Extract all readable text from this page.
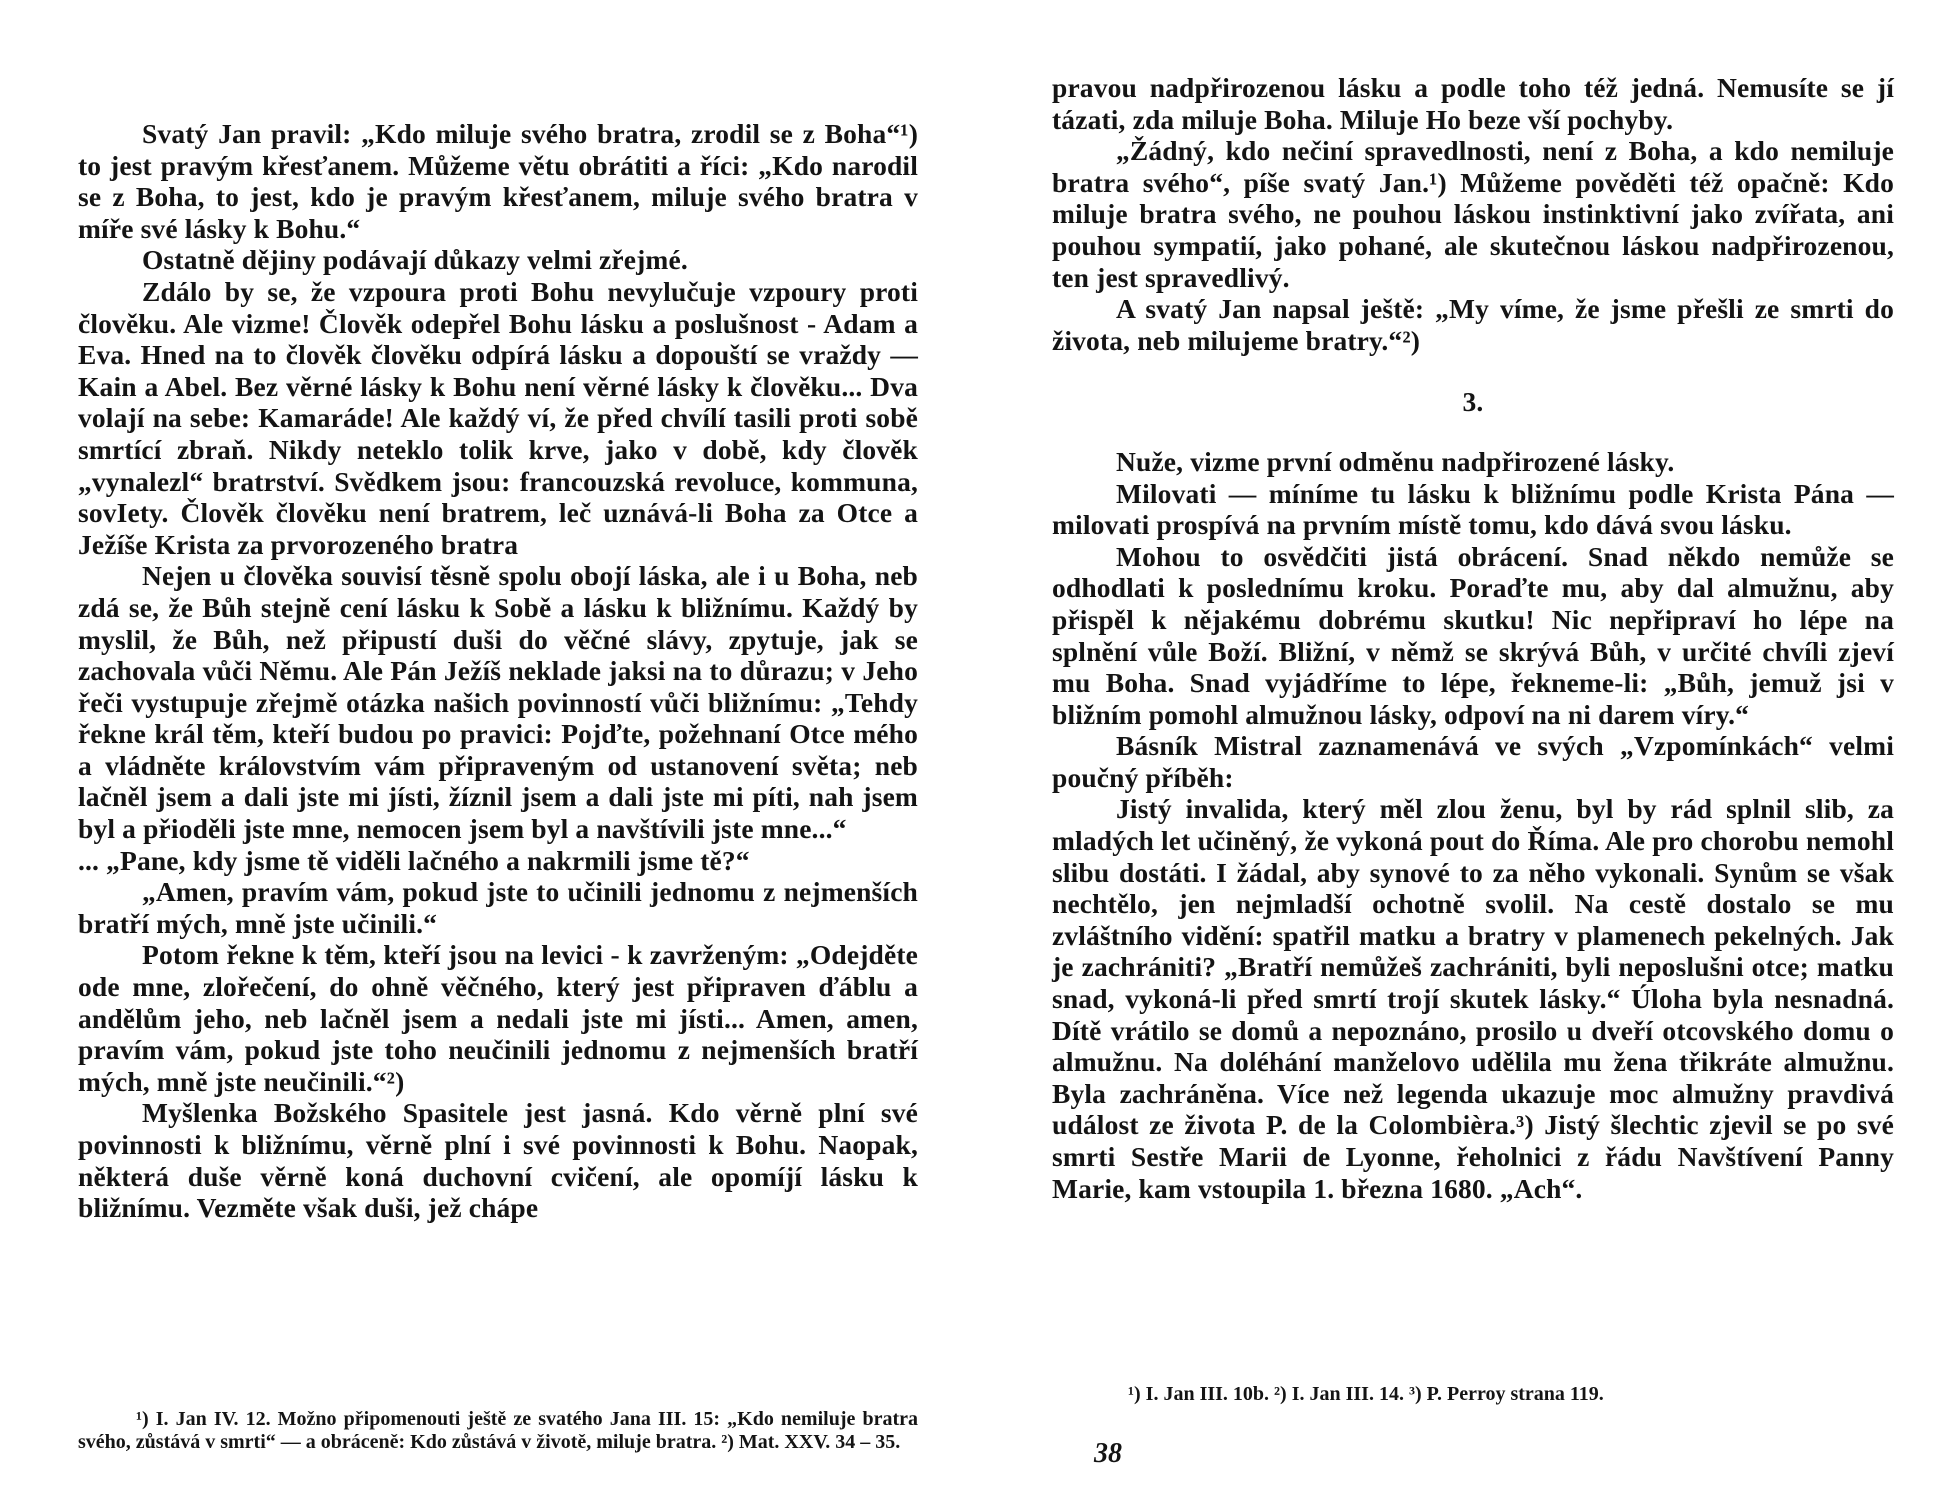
Svatý Jan pravil: „Kdo miluje svého bratra, zrodil se z Boha“¹) to jest pravým křesťanem. Můžeme větu obrátiti a říci: „Kdo narodil se z Boha, to jest, kdo je pravým křesťanem, miluje svého bratra v míře své lásky k Bohu.“

Ostatně dějiny podávají důkazy velmi zřejmé.

Zdálo by se, že vzpoura proti Bohu nevylučuje vzpoury proti člověku. Ale vizme! Člověk odepřel Bohu lásku a poslušnost - Adam a Eva. Hned na to člověk člověku odpírá lásku a dopouští se vraždy — Kain a Abel. Bez věrné lásky k Bohu není věrné lásky k člověku... Dva volají na sebe: Kamaráde! Ale každý ví, že před chvílí tasili proti sobě smrtící zbraň. Nikdy neteklo tolik krve, jako v době, kdy člověk „vynalezl“ bratrství. Svědkem jsou: francouzská revoluce, kommuna, sovIety. Člověk člověku není bratrem, leč uznává-li Boha za Otce a Ježíše Krista za prvorozeného bratra

Nejen u člověka souvisí těsně spolu obojí láska, ale i u Boha, neb zdá se, že Bůh stejně cení lásku k Sobě a lásku k bližnímu. Každý by myslil, že Bůh, než připustí duši do věčné slávy, zpytuje, jak se zachovala vůči Němu. Ale Pán Ježíš neklade jaksi na to důrazu; v Jeho řeči vystupuje zřejmě otázka našich povinností vůči bližnímu: „Tehdy řekne král těm, kteří budou po pravici: Pojďte, požehnaní Otce mého a vládněte královstvím vám připraveným od ustanovení světa; neb lačněl jsem a dali jste mi jísti, žíznil jsem a dali jste mi píti, nah jsem byl a přioděli jste mne, nemocen jsem byl a navštívili jste mne...“

... „Pane, kdy jsme tě viděli lačného a nakrmili jsme tě?“

„Amen, pravím vám, pokud jste to učinili jednomu z nejmenších bratří mých, mně jste učinili.“

Potom řekne k těm, kteří jsou na levici - k zavrženým: „Odejděte ode mne, zlořečení, do ohně věčného, který jest připraven ďáblu a andělům jeho, neb lačněl jsem a nedali jste mi jísti... Amen, amen, pravím vám, pokud jste toho neučinili jednomu z nejmenších bratří mých, mně jste neučinili.“²)

Myšlenka Božského Spasitele jest jasná. Kdo věrně plní své povinnosti k bližnímu, věrně plní i své povinnosti k Bohu. Naopak, některá duše věrně koná duchovní cvičení, ale opomíjí lásku k bližnímu. Vezměte však duši, jež chápe

¹) I. Jan IV. 12. Možno připomenouti ještě ze svatého Jana III. 15: „Kdo nemiluje bratra svého, zůstává v smrti“ — a obráceně: Kdo zůstává v životě, miluje bratra. ²) Mat. XXV. 34 – 35.

pravou nadpřirozenou lásku a podle toho též jedná. Nemusíte se jí tázati, zda miluje Boha. Miluje Ho beze vší pochyby.

„Žádný, kdo nečiní spravedlnosti, není z Boha, a kdo nemiluje bratra svého“, píše svatý Jan.¹) Můžeme pověděti též opačně: Kdo miluje bratra svého, ne pouhou láskou instinktivní jako zvířata, ani pouhou sympatií, jako pohané, ale skutečnou láskou nadpřirozenou, ten jest spravedlivý.

A svatý Jan napsal ještě: „My víme, že jsme přešli ze smrti do života, neb milujeme bratry.“²)

3.

Nuže, vizme první odměnu nadpřirozené lásky.

Milovati — míníme tu lásku k bližnímu podle Krista Pána — milovati prospívá na prvním místě tomu, kdo dává svou lásku.

Mohou to osvědčiti jistá obrácení. Snad někdo nemůže se odhodlati k poslednímu kroku. Poraďte mu, aby dal almužnu, aby přispěl k nějakému dobrému skutku! Nic nepřipraví ho lépe na splnění vůle Boží. Bližní, v němž se skrývá Bůh, v určité chvíli zjeví mu Boha. Snad vyjádříme to lépe, řekneme-li: „Bůh, jemuž jsi v bližním pomohl almužnou lásky, odpoví na ni darem víry.“

Básník Mistral zaznamenává ve svých „Vzpomínkách“ velmi poučný příběh:

Jistý invalida, který měl zlou ženu, byl by rád splnil slib, za mladých let učiněný, že vykoná pout do Říma. Ale pro chorobu nemohl slibu dostáti. I žádal, aby synové to za něho vykonali. Synům se však nechtělo, jen nejmladší ochotně svolil. Na cestě dostalo se mu zvláštního vidění: spatřil matku a bratry v plamenech pekelných. Jak je zachrániti? „Bratří nemůžeš zachrániti, byli neposlušni otce; matku snad, vykoná-li před smrtí trojí skutek lásky.“ Úloha byla nesnadná. Dítě vrátilo se domů a nepoznáno, prosilo u dveří otcovského domu o almužnu. Na doléhání manželovo udělila mu žena třikráte almužnu. Byla zachráněna. Více než legenda ukazuje moc almužny pravdivá událost ze života P. de la Colombièra.³) Jistý šlechtic zjevil se po své smrti Sestře Marii de Lyonne, řeholnici z řádu Navštívení Panny Marie, kam vstoupila 1. března 1680. „Ach“.

¹) I. Jan III. 10b. ²) I. Jan III. 14. ³) P. Perroy strana 119.

38
